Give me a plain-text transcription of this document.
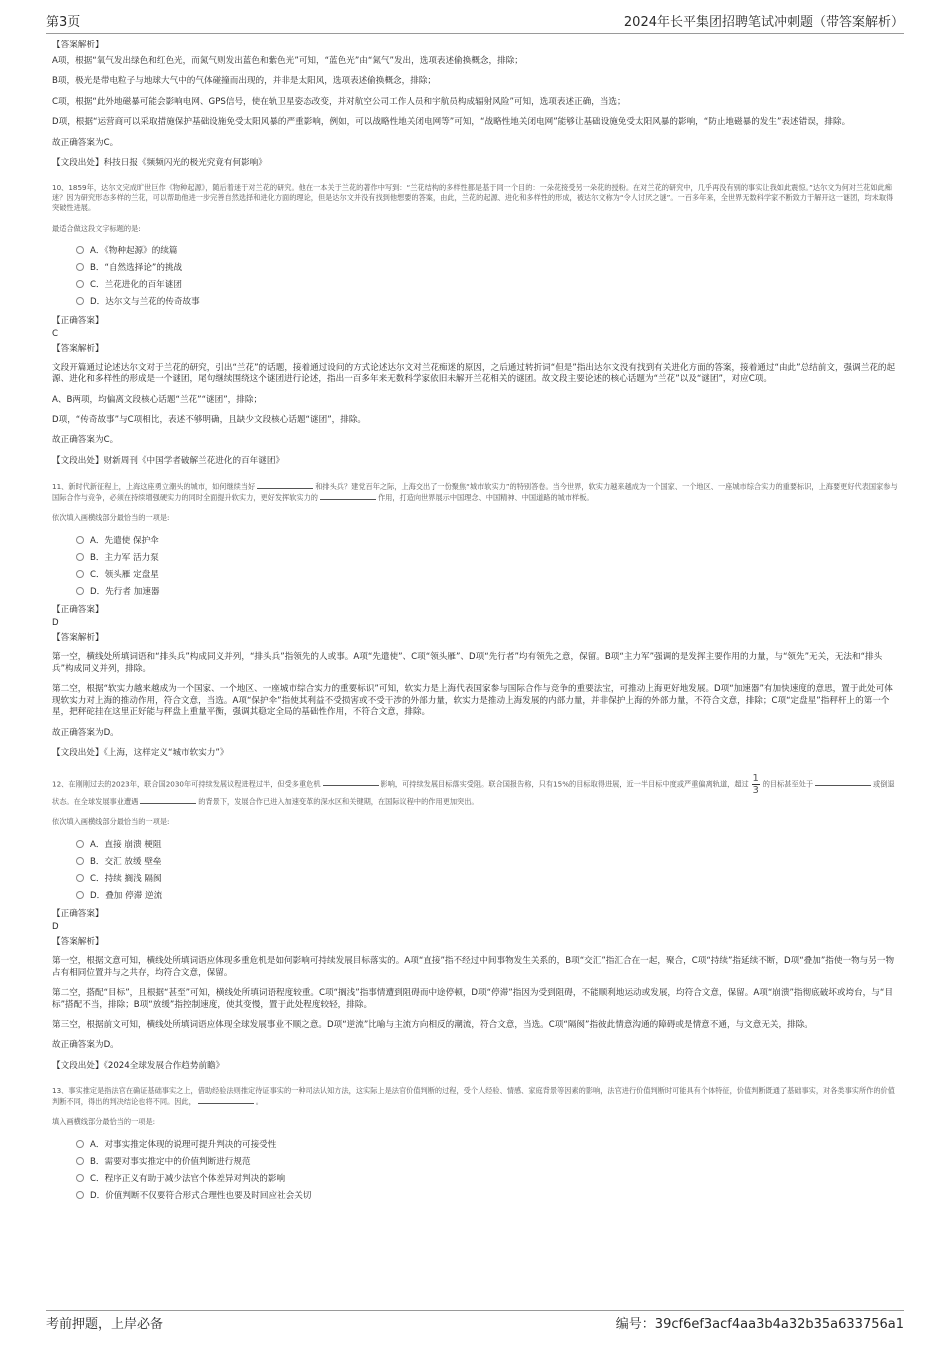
第3页	2024年长平集团招聘笔试冲刺题（带答案解析）
【答案解析】
A项，根据“氧气发出绿色和红色光，而氮气则发出蓝色和紫色光”可知，“蓝色光”由“氮气”发出，选项表述偷换概念，排除；
B项，极光是带电粒子与地球大气中的气体碰撞而出现的，并非是太阳风，选项表述偷换概念，排除；
C项，根据“此外地磁暴可能会影响电网、GPS信号，使在轨卫星姿态改变，并对航空公司工作人员和宇航员构成辐射风险”可知，选项表述正确，当选；
D项，根据“运营商可以采取措施保护基础设施免受太阳风暴的严重影响，例如，可以战略性地关闭电网等”可知，“战略性地关闭电网”能够让基础设施免受太阳风暴的影响，“防止地磁暴的发生”表述错误，排除。
故正确答案为C。
【文段出处】科技日报《频频闪光的极光究竟有何影响》
10、1859年，达尔文完成旷世巨作《物种起源》，随后着迷于对兰花的研究。他在一本关于兰花的著作中写到：“兰花结构的多样性都是基于同一个目的：一朵花接受另一朵花的授粉。在对兰花的研究中，几乎再没有别的事实让我如此震惊。”达尔文为何对兰花如此痴迷？因为研究形态多样的兰花，可以帮助他进一步完善自然选择和进化方面的理论，但是达尔文并没有找到他想要的答案，由此，兰花的起源、进化和多样性的形成，被达尔文称为“令人讨厌之谜”。一百多年来，全世界无数科学家不断致力于解开这一谜团，均未取得突破性进展。
最适合做这段文字标题的是:
A．《物种起源》的续篇
B．“自然选择论”的挑战
C．兰花进化的百年谜团
D．达尔文与兰花的传奇故事
【正确答案】
C
【答案解析】
文段开篇通过论述达尔文对于兰花的研究，引出“兰花”的话题，接着通过设问的方式论述达尔文对兰花痴迷的原因，之后通过转折词“但是”指出达尔文没有找到有关进化方面的答案，接着通过“由此”总结前文，强调兰花的起源、进化和多样性的形成是一个谜团，尾句继续围绕这个谜团进行论述，指出一百多年来无数科学家依旧未解开兰花相关的谜团。故文段主要论述的核心话题为“兰花”以及“谜团”，对应C项。
A、B两项，均偏离文段核心话题“兰花”“谜团”，排除；
D项，“传奇故事”与C项相比，表述不够明确，且缺少文段核心话题“谜团”，排除。
故正确答案为C。
【文段出处】财新周刊《中国学者破解兰花进化的百年谜团》
11、新时代新征程上，上海这座勇立潮头的城市，如何继续当好	和排头兵？建党百年之际，上海交出了一份聚焦“城市软实力”的特别答卷。当今世界，软实力越来越成为一个国家、一个地区、一座城市综合实力的重要标识，上海要更好代表国家参与国际合作与竞争，必须在持续增强硬实力的同时全面提升软实力，更好发挥软实力的	作用，打造向世界展示中国理念、中国精神、中国道路的城市样板。
依次填入画横线部分最恰当的一项是:
A．先遣使 保护伞
B．主力军 活力泵
C．领头雁 定盘星
D．先行者 加速器
【正确答案】
D
【答案解析】
第一空，横线处所填词语和“排头兵”构成同义并列，“排头兵”指领先的人或事。A项“先遣使”、C项“领头雁”、D项“先行者”均有领先之意，保留。B项“主力军”强调的是发挥主要作用的力量，与“领先”无关，无法和“排头兵”构成同义并列，排除。
第二空，根据“软实力越来越成为一个国家、一个地区、一座城市综合实力的重要标识”可知，软实力是上海代表国家参与国际合作与竞争的重要法宝，可推动上海更好地发展。D项“加速器”有加快速度的意思，置于此处可体现软实力对上海的推动作用，符合文意，当选。A项“保护伞”指使其利益不受损害或不受干涉的外部力量，软实力是推动上海发展的内部力量，并非保护上海的外部力量，不符合文意，排除；C项“定盘星”指秤杆上的第一个星，把秤砣挂在这里正好能与秤盘上重量平衡，强调其稳定全局的基础性作用，不符合文意，排除。
故正确答案为D。
【文段出处】《上海，这样定义“城市软实力”》
12、在刚刚过去的2023年，联合国2030年可持续发展议程进程过半，但受多重危机	影响，可持续发展目标落实受阻。联合国报告称，只有15%的目标取得进展，近一半目标中度或严重偏离轨道，超过 $\frac{1}{3}$ 的目标甚至处于	或倒退状态。在全球发展事业遭遇	的背景下，发展合作已进入加速变革的深水区和关键期，在国际议程中的作用更加突出。
依次填入画横线部分最恰当的一项是:
A．直接 崩溃 梗阻
B．交汇 放缓 壁垒
C．持续 搁浅 隔阂
D．叠加 停滞 逆流
【正确答案】
D
【答案解析】
第一空，根据文意可知，横线处所填词语应体现多重危机是如何影响可持续发展目标落实的。A项“直接”指不经过中间事物发生关系的，B项“交汇”指汇合在一起，聚合，C项“持续”指延续不断，D项“叠加”指使一物与另一物占有相同位置并与之共存，均符合文意，保留。
第二空，搭配“目标”，且根据“甚至”可知，横线处所填词语程度较重。C项“搁浅”指事情遭到阻碍而中途停顿，D项“停滞”指因为受到阻碍，不能顺利地运动或发展，均符合文意，保留。A项“崩溃”指彻底破坏或垮台，与“目标”搭配不当，排除；B项“放缓”指控制速度，使其变慢，置于此处程度较轻，排除。
第三空，根据前文可知，横线处所填词语应体现全球发展事业不顺之意。D项“逆流”比喻与主流方向相反的潮流，符合文意，当选。C项“隔阂”指彼此情意沟通的障碍或是情意不通，与文意无关，排除。
故正确答案为D。
【文段出处】《2024全球发展合作趋势前瞻》
13、事实推定是指法官在确证基础事实之上，借助经验法则推定待证事实的一种司法认知方法，这实际上是法官价值判断的过程，受个人经验、情感、家庭背景等因素的影响，法官进行价值判断时可能具有个体特征，价值判断既通了基础事实，对各类事实所作的价值判断不同，得出的判决结论也将不同。因此，	。
填入画横线部分最恰当的一项是:
A．对事实推定体现的说理可提升判决的可接受性
B．需要对事实推定中的价值判断进行规范
C．程序正义有助于减少法官个体差异对判决的影响
D．价值判断不仅要符合形式合理性也要及时回应社会关切
考前押题，上岸必备	编号：39cf6ef3acf4aa3b4a32b35a633756a1
